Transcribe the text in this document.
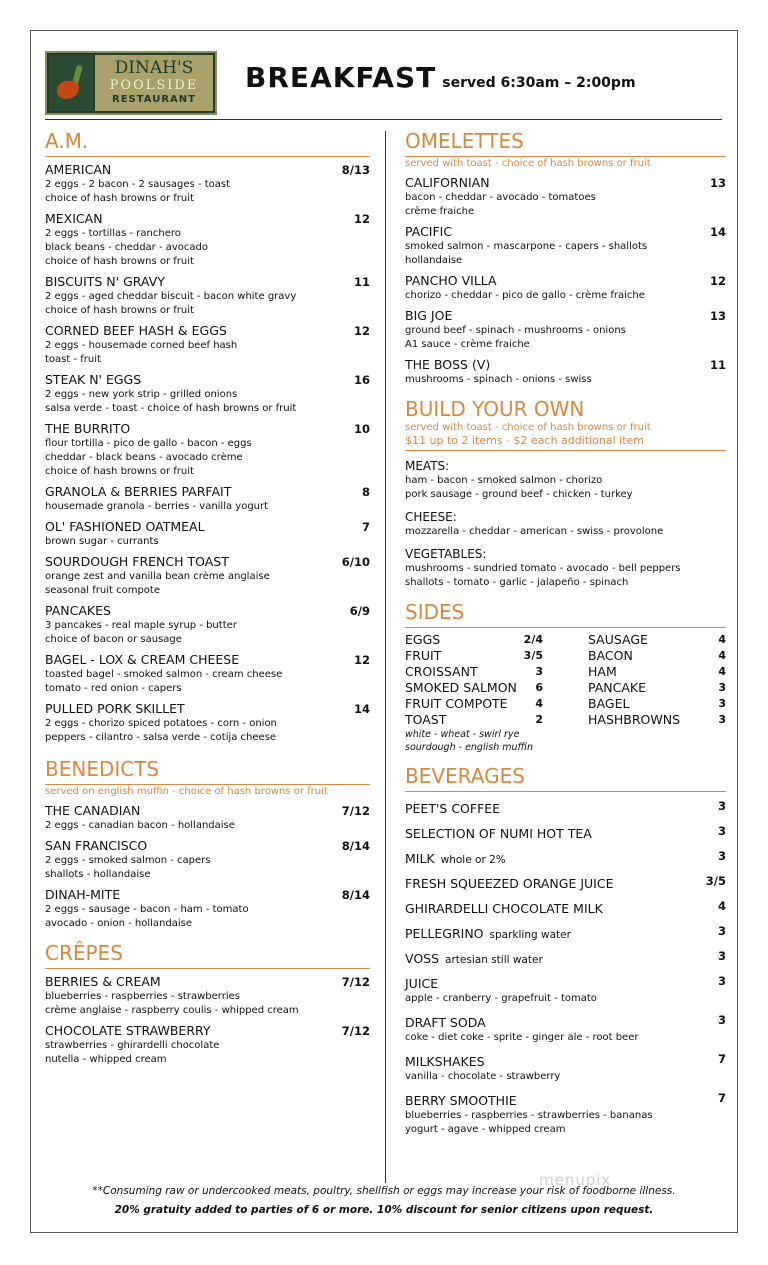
DINAH'S
POOLSIDE
RESTAURANT
BREAKFAST served 6:30am – 2:00pm
A.M.
AMERICAN	8/13
2 eggs - 2 bacon - 2 sausages - toast
choice of hash browns or fruit
MEXICAN	12
2 eggs - tortillas - ranchero
black beans - cheddar - avocado
choice of hash browns or fruit
BISCUITS N' GRAVY	11
2 eggs - aged cheddar biscuit - bacon white gravy
choice of hash browns or fruit
CORNED BEEF HASH & EGGS	12
2 eggs - housemade corned beef hash
toast - fruit
STEAK N' EGGS	16
2 eggs - new york strip - grilled onions
salsa verde - toast - choice of hash browns or fruit
THE BURRITO	10
flour tortilla - pico de gallo - bacon - eggs
cheddar - black beans - avocado crème
choice of hash browns or fruit
GRANOLA & BERRIES PARFAIT	8
housemade granola - berries - vanilla yogurt
OL' FASHIONED OATMEAL	7
brown sugar - currants
SOURDOUGH FRENCH TOAST	6/10
orange zest and vanilla bean crème anglaise
seasonal fruit compote
PANCAKES	6/9
3 pancakes - real maple syrup - butter
choice of bacon or sausage
BAGEL - LOX & CREAM CHEESE	12
toasted bagel - smoked salmon - cream cheese
tomato - red onion - capers
PULLED PORK SKILLET	14
2 eggs - chorizo spiced potatoes - corn - onion
peppers - cilantro - salsa verde - cotija cheese
BENEDICTS
served on english muffin - choice of hash browns or fruit
THE CANADIAN	7/12
2 eggs - canadian bacon - hollandaise
SAN FRANCISCO	8/14
2 eggs - smoked salmon - capers
shallots - hollandaise
DINAH-MITE	8/14
2 eggs - sausage - bacon - ham - tomato
avocado - onion - hollandaise
CRÊPES
BERRIES & CREAM	7/12
blueberries - raspberries - strawberries
crème anglaise - raspberry coulis - whipped cream
CHOCOLATE STRAWBERRY	7/12
strawberries - ghirardelli chocolate
nutella - whipped cream
OMELETTES
served with toast - choice of hash browns or fruit
CALIFORNIAN	13
bacon - cheddar - avocado - tomatoes
crème fraiche
PACIFIC	14
smoked salmon - mascarpone - capers - shallots
hollandaise
PANCHO VILLA	12
chorizo - cheddar - pico de gallo - crème fraiche
BIG JOE	13
ground beef - spinach - mushrooms - onions
A1 sauce - crème fraiche
THE BOSS (V)	11
mushrooms - spinach - onions - swiss
BUILD YOUR OWN
served with toast - choice of hash browns or fruit
$11 up to 2 items - $2 each additional item
MEATS:
ham - bacon - smoked salmon - chorizo
pork sausage - ground beef - chicken - turkey
CHEESE:
mozzarella - cheddar - american - swiss - provolone
VEGETABLES:
mushrooms - sundried tomato - avocado - bell peppers
shallots - tomato - garlic - jalapeño - spinach
SIDES
EGGS	2/4
FRUIT	3/5
CROISSANT	3
SMOKED SALMON 6
FRUIT COMPOTE	4
TOAST	2
white - wheat - swirl rye
sourdough - english muffin
SAUSAGE	4
BACON	4
HAM	4
PANCAKE	3
BAGEL	3
HASHBROWNS	3
BEVERAGES
PEET'S COFFEE	3
SELECTION OF NUMI HOT TEA	3
MILK whole or 2%	3
FRESH SQUEEZED ORANGE JUICE	3/5
GHIRARDELLI CHOCOLATE MILK	4
PELLEGRINO sparkling water	3
VOSS artesian still water	3
JUICE	3
apple - cranberry - grapefruit - tomato
DRAFT SODA	3
coke - diet coke - sprite - ginger ale - root beer
MILKSHAKES	7
vanilla - chocolate - strawberry
BERRY SMOOTHIE	7
blueberries - raspberries - strawberries - bananas
yogurt - agave - whipped cream
menupix
**Consuming raw or undercooked meats, poultry, shellfish or eggs may increase your risk of foodborne illness.
20% gratuity added to parties of 6 or more. 10% discount for senior citizens upon request.
